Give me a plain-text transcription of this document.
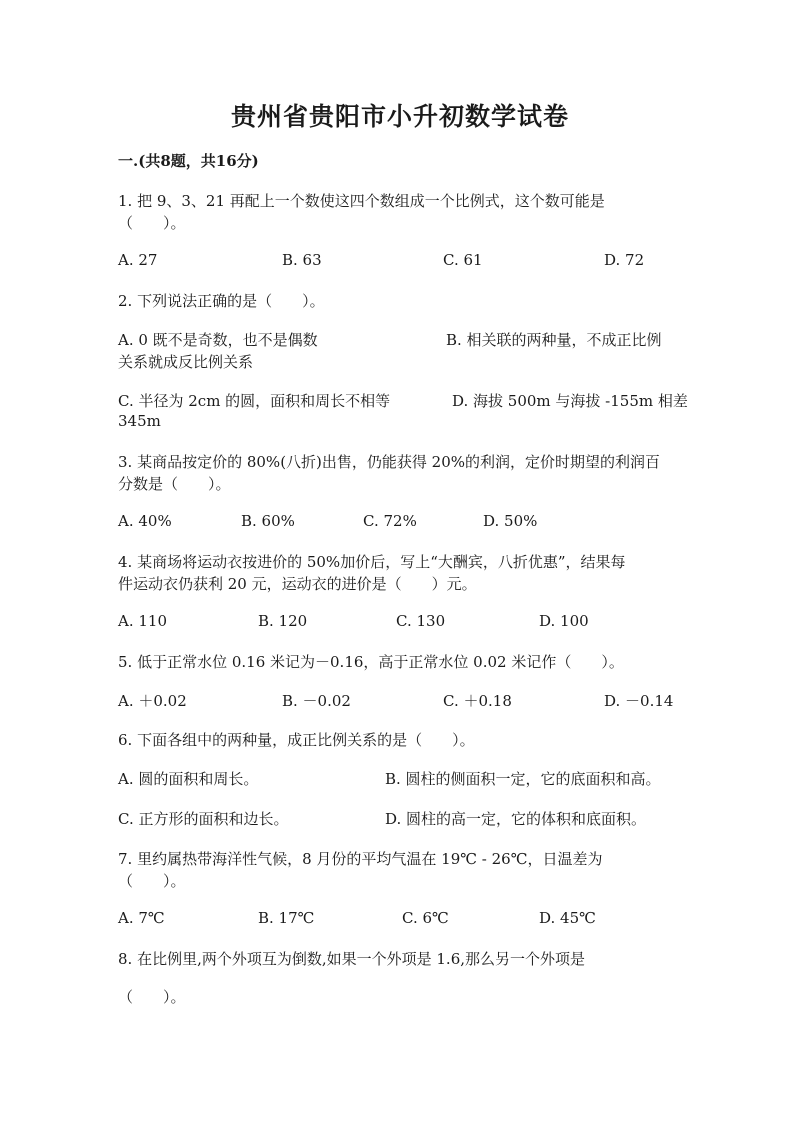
贵州省贵阳市小升初数学试卷
一.(共8题，共16分)
1. 把 9、3、21 再配上一个数使这四个数组成一个比例式，这个数可能是
（　　）。
A. 27	B. 63	C. 61	D. 72
2. 下列说法正确的是（　　）。
A. 0 既不是奇数，也不是偶数	B. 相关联的两种量，不成正比例
关系就成反比例关系
C. 半径为 2cm 的圆，面积和周长不相等	D. 海拔 500m 与海拔 -155m 相差
345m
3. 某商品按定价的 80%(八折)出售，仍能获得 20%的利润，定价时期望的利润百
分数是（　　）。
A. 40%	B. 60%	C. 72%	D. 50%
4. 某商场将运动衣按进价的 50%加价后，写上“大酬宾，八折优惠”，结果每
件运动衣仍获利 20 元，运动衣的进价是（　　）元。
A. 110	B. 120	C. 130	D. 100
5. 低于正常水位 0.16 米记为－0.16，高于正常水位 0.02 米记作（　　）。
A. ＋0.02	B. －0.02	C. ＋0.18	D. －0.14
6. 下面各组中的两种量，成正比例关系的是（　　）。
A. 圆的面积和周长。	B. 圆柱的侧面积一定，它的底面积和高。
C. 正方形的面积和边长。	D. 圆柱的高一定，它的体积和底面积。
7. 里约属热带海洋性气候，8 月份的平均气温在 19℃ - 26℃，日温差为
（　　）。
A. 7℃	B. 17℃	C. 6℃	D. 45℃
8. 在比例里,两个外项互为倒数,如果一个外项是 1.6,那么另一个外项是
（　　）。
